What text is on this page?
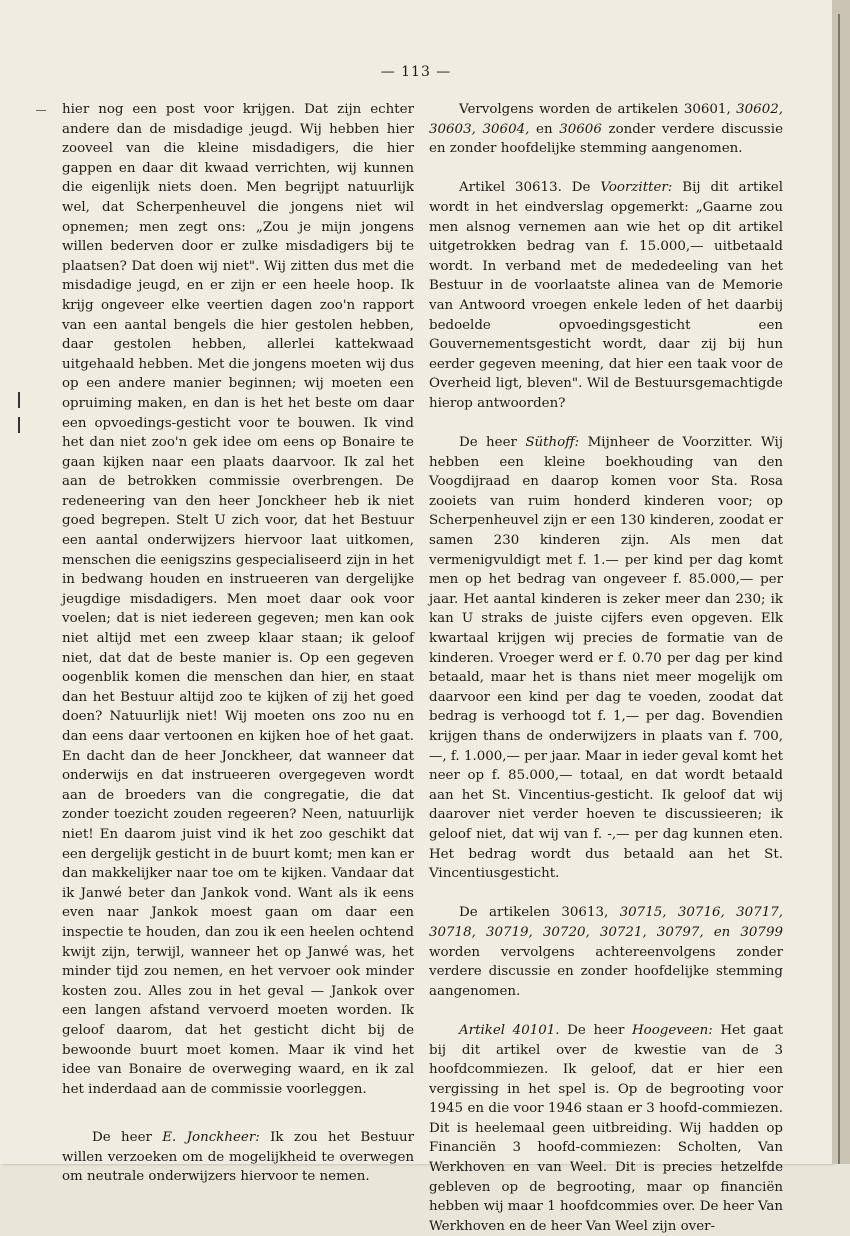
— 113 —

hier nog een post voor krijgen. Dat zijn echter andere dan de misdadige jeugd. Wij hebben hier zooveel van die kleine misdadigers, die hier gappen en daar dit kwaad verrichten, wij kunnen die eigenlijk niets doen. Men begrijpt natuurlijk wel, dat Scherpenheuvel die jongens niet wil opnemen; men zegt ons: „Zou je mijn jongens willen bederven door er zulke misdadigers bij te plaatsen? Dat doen wij niet". Wij zitten dus met die misdadige jeugd, en er zijn er een heele hoop. Ik krijg ongeveer elke veertien dagen zoo'n rapport van een aantal bengels die hier gestolen hebben, daar gestolen hebben, allerlei kattekwaad uitgehaald hebben. Met die jongens moeten wij dus op een andere manier beginnen; wij moeten een opruiming maken, en dan is het het beste om daar een opvoedings-gesticht voor te bouwen. Ik vind het dan niet zoo'n gek idee om eens op Bonaire te gaan kijken naar een plaats daarvoor. Ik zal het aan de betrokken commissie overbrengen. De redeneering van den heer Jonckheer heb ik niet goed begrepen. Stelt U zich voor, dat het Bestuur een aantal onderwijzers hiervoor laat uitkomen, menschen die eenigszins gespecialiseerd zijn in het in bedwang houden en instrueeren van dergelijke jeugdige misdadigers. Men moet daar ook voor voelen; dat is niet iedereen gegeven; men kan ook niet altijd met een zweep klaar staan; ik geloof niet, dat dat de beste manier is. Op een gegeven oogenblik komen die menschen dan hier, en staat dan het Bestuur altijd zoo te kijken of zij het goed doen? Natuurlijk niet! Wij moeten ons zoo nu en dan eens daar vertoonen en kijken hoe of het gaat. En dacht dan de heer Jonckheer, dat wanneer dat onderwijs en dat instrueeren overgegeven wordt aan de broeders van die congregatie, die dat zonder toezicht zouden regeeren? Neen, natuurlijk niet! En daarom juist vind ik het zoo geschikt dat een dergelijk gesticht in de buurt komt; men kan er dan makkelijker naar toe om te kijken. Vandaar dat ik Janwé beter dan Jankok vond. Want als ik eens even naar Jankok moest gaan om daar een inspectie te houden, dan zou ik een heelen ochtend kwijt zijn, terwijl, wanneer het op Janwé was, het minder tijd zou nemen, en het vervoer ook minder kosten zou. Alles zou in het geval — Jankok over een langen afstand vervoerd moeten worden. Ik geloof daarom, dat het gesticht dicht bij de bewoonde buurt moet komen. Maar ik vind het idee van Bonaire de overweging waard, en ik zal het inderdaad aan de commissie voorleggen.

De heer E. Jonckheer: Ik zou het Bestuur willen verzoeken om de mogelijkheid te overwegen om neutrale onderwijzers hiervoor te nemen.

Vervolgens worden de artikelen 30601, 30602, 30603, 30604, en 30606 zonder verdere discussie en zonder hoofdelijke stemming aangenomen.

Artikel 30613. De Voorzitter: Bij dit artikel wordt in het eindverslag opgemerkt: „Gaarne zou men alsnog vernemen aan wie het op dit artikel uitgetrokken bedrag van f. 15.000,— uitbetaald wordt. In verband met de mededeeling van het Bestuur in de voorlaatste alinea van de Memorie van Antwoord vroegen enkele leden of het daarbij bedoelde opvoedingsgesticht een Gouvernementsgesticht wordt, daar zij bij hun eerder gegeven meening, dat hier een taak voor de Overheid ligt, bleven". Wil de Bestuursgemachtigde hierop antwoorden?

De heer Süthoff: Mijnheer de Voorzitter. Wij hebben een kleine boekhouding van den Voogdijraad en daarop komen voor Sta. Rosa zooiets van ruim honderd kinderen voor; op Scherpenheuvel zijn er een 130 kinderen, zoodat er samen 230 kinderen zijn. Als men dat vermenigvuldigt met f. 1.— per kind per dag komt men op het bedrag van ongeveer f. 85.000,— per jaar. Het aantal kinderen is zeker meer dan 230; ik kan U straks de juiste cijfers even opgeven. Elk kwartaal krijgen wij precies de formatie van de kinderen. Vroeger werd er f. 0.70 per dag per kind betaald, maar het is thans niet meer mogelijk om daarvoor een kind per dag te voeden, zoodat dat bedrag is verhoogd tot f. 1,— per dag. Bovendien krijgen thans de onderwijzers in plaats van f. 700,—, f. 1.000,— per jaar. Maar in ieder geval komt het neer op f. 85.000,— totaal, en dat wordt betaald aan het St. Vincentius-gesticht. Ik geloof dat wij daarover niet verder hoeven te discussieeren; ik geloof niet, dat wij van f. -,— per dag kunnen eten. Het bedrag wordt dus betaald aan het St. Vincentiusgesticht.

De artikelen 30613, 30715, 30716, 30717, 30718, 30719, 30720, 30721, 30797, en 30799 worden vervolgens achtereenvolgens zonder verdere discussie en zonder hoofdelijke stemming aangenomen.

Artikel 40101. De heer Hoogeveen: Het gaat bij dit artikel over de kwestie van de 3 hoofdcommiezen. Ik geloof, dat er hier een vergissing in het spel is. Op de begrooting voor 1945 en die voor 1946 staan er 3 hoofd-commiezen. Dit is heelemaal geen uitbreiding. Wij hadden op Financiën 3 hoofd-commiezen: Scholten, Van Werkhoven en van Weel. Dit is precies hetzelfde gebleven op de begrooting, maar op financiën hebben wij maar 1 hoofdcommies over. De heer Van Werkhoven en de heer Van Weel zijn over-
